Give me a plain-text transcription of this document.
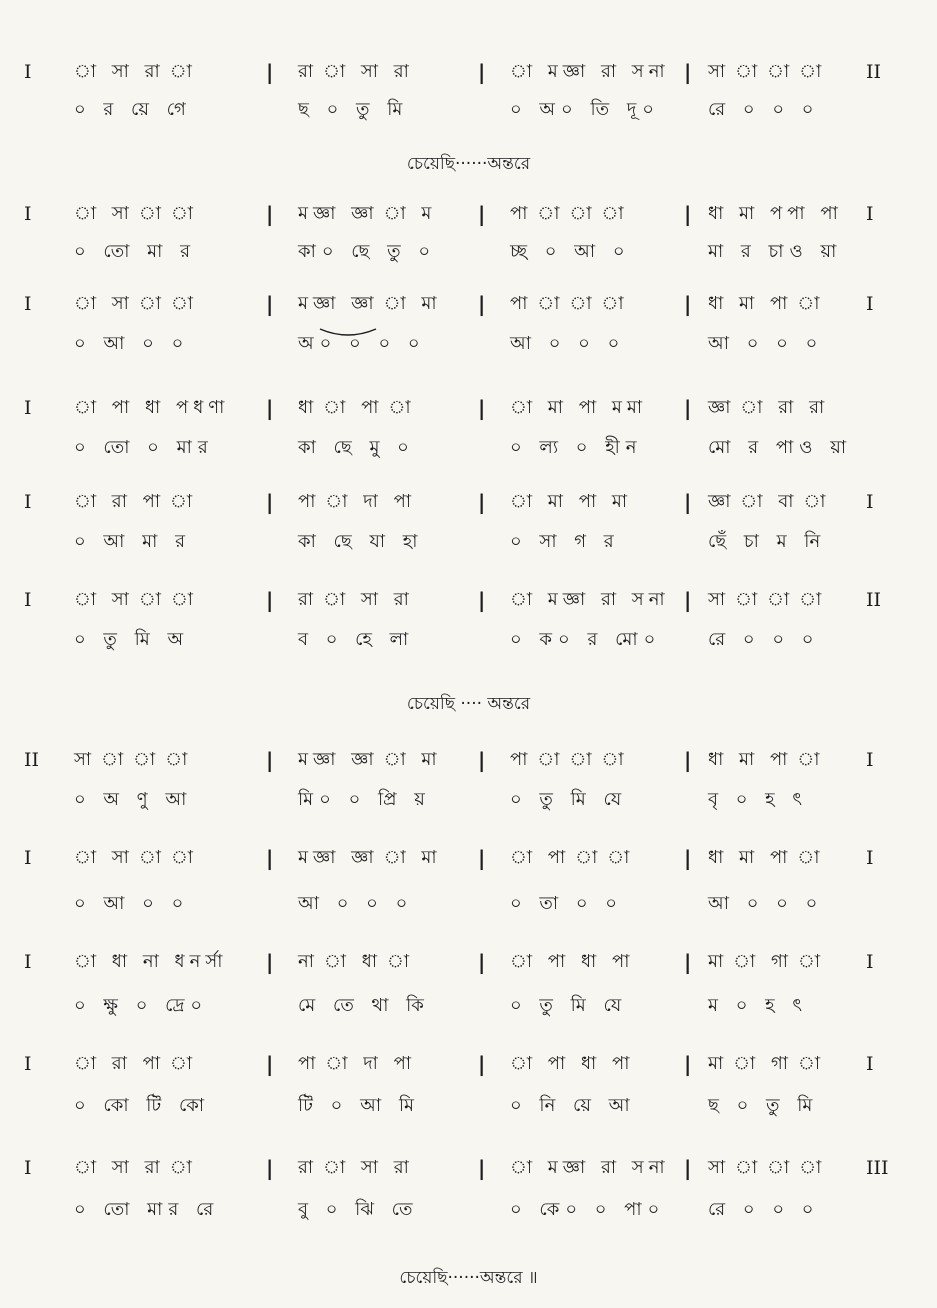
I	া সা রা া	| রা া সা রা	| া মজ্ঞা রা সনা | সা া া া	II
০ র য়ে গে	ছ ০ তু মি	০ অ০ তি দূ০	রে ০ ০ ০
চেয়েছি······অন্তরে
I	া সা া া	| মজ্ঞা জ্ঞা া ম	| পা া া া	| ধা মা পপা পা	I
০ তো মা র	কা০ ছে তু ০	চ্ছ ০ আ ০	মা র চাও য়া
I	া সা া া	| মজ্ঞা জ্ঞা া মা	| পা া া া	| ধা মা পা া	I
০ আ ০ ০	অ০ ০ ০ ০	আ ০ ০ ০	আ ০ ০ ০
I	া পা ধা পধণা	| ধা া পা া	| া মা পা মমা	| জ্ঞা া রা রা
০ তো ০ মার	কা ছে মু ০	০ ল্য ০ হীন	মো র পাও য়া
I	া রা পা া	| পা া দা পা	| া মা পা মা	| জ্ঞা া বা া	I
০ আ মা র	কা ছে যা হা	০ সা গ র	ছেঁ চা ম নি
I	া সা া া	| রা া সা রা	| া মজ্ঞা রা সনা | সা া া া	II
০ তু মি অ	ব ০ হে লা	০ ক০ র মো০	রে ০ ০ ০
চেয়েছি ···· অন্তরে
II	সা া া া	| মজ্ঞা জ্ঞা া মা	| পা া া া	| ধা মা পা া	I
০ অ ণু আ	মি০ ০ প্রি য়	০ তু মি যে	বৃ ০ হ ৎ
I	া সা া া	| মজ্ঞা জ্ঞা া মা	| া পা া া	| ধা মা পা া	I
০ আ ০ ০	আ ০ ০ ০	০ তা ০ ০	আ ০ ০ ০
I	া ধা না ধনর্সা	| না া ধা া	| া পা ধা পা	| মা া গা া	I
০ ক্ষু ০ দ্রে০	মে তে থা কি	০ তু মি যে	ম ০ হ ৎ
I	া রা পা া	| পা া দা পা	| া পা ধা পা	| মা া গা া	I
০ কো টি কো	টি ০ আ মি	০ নি য়ে আ	ছ ০ তু মি
I	া সা রা া	| রা া সা রা	| া মজ্ঞা রা সনা | সা া া া	III
০ তো মার রে	বু ০ ঝি তে	০ কে০ ০ পা০	রে ০ ০ ০
চেয়েছি······অন্তরে ॥
